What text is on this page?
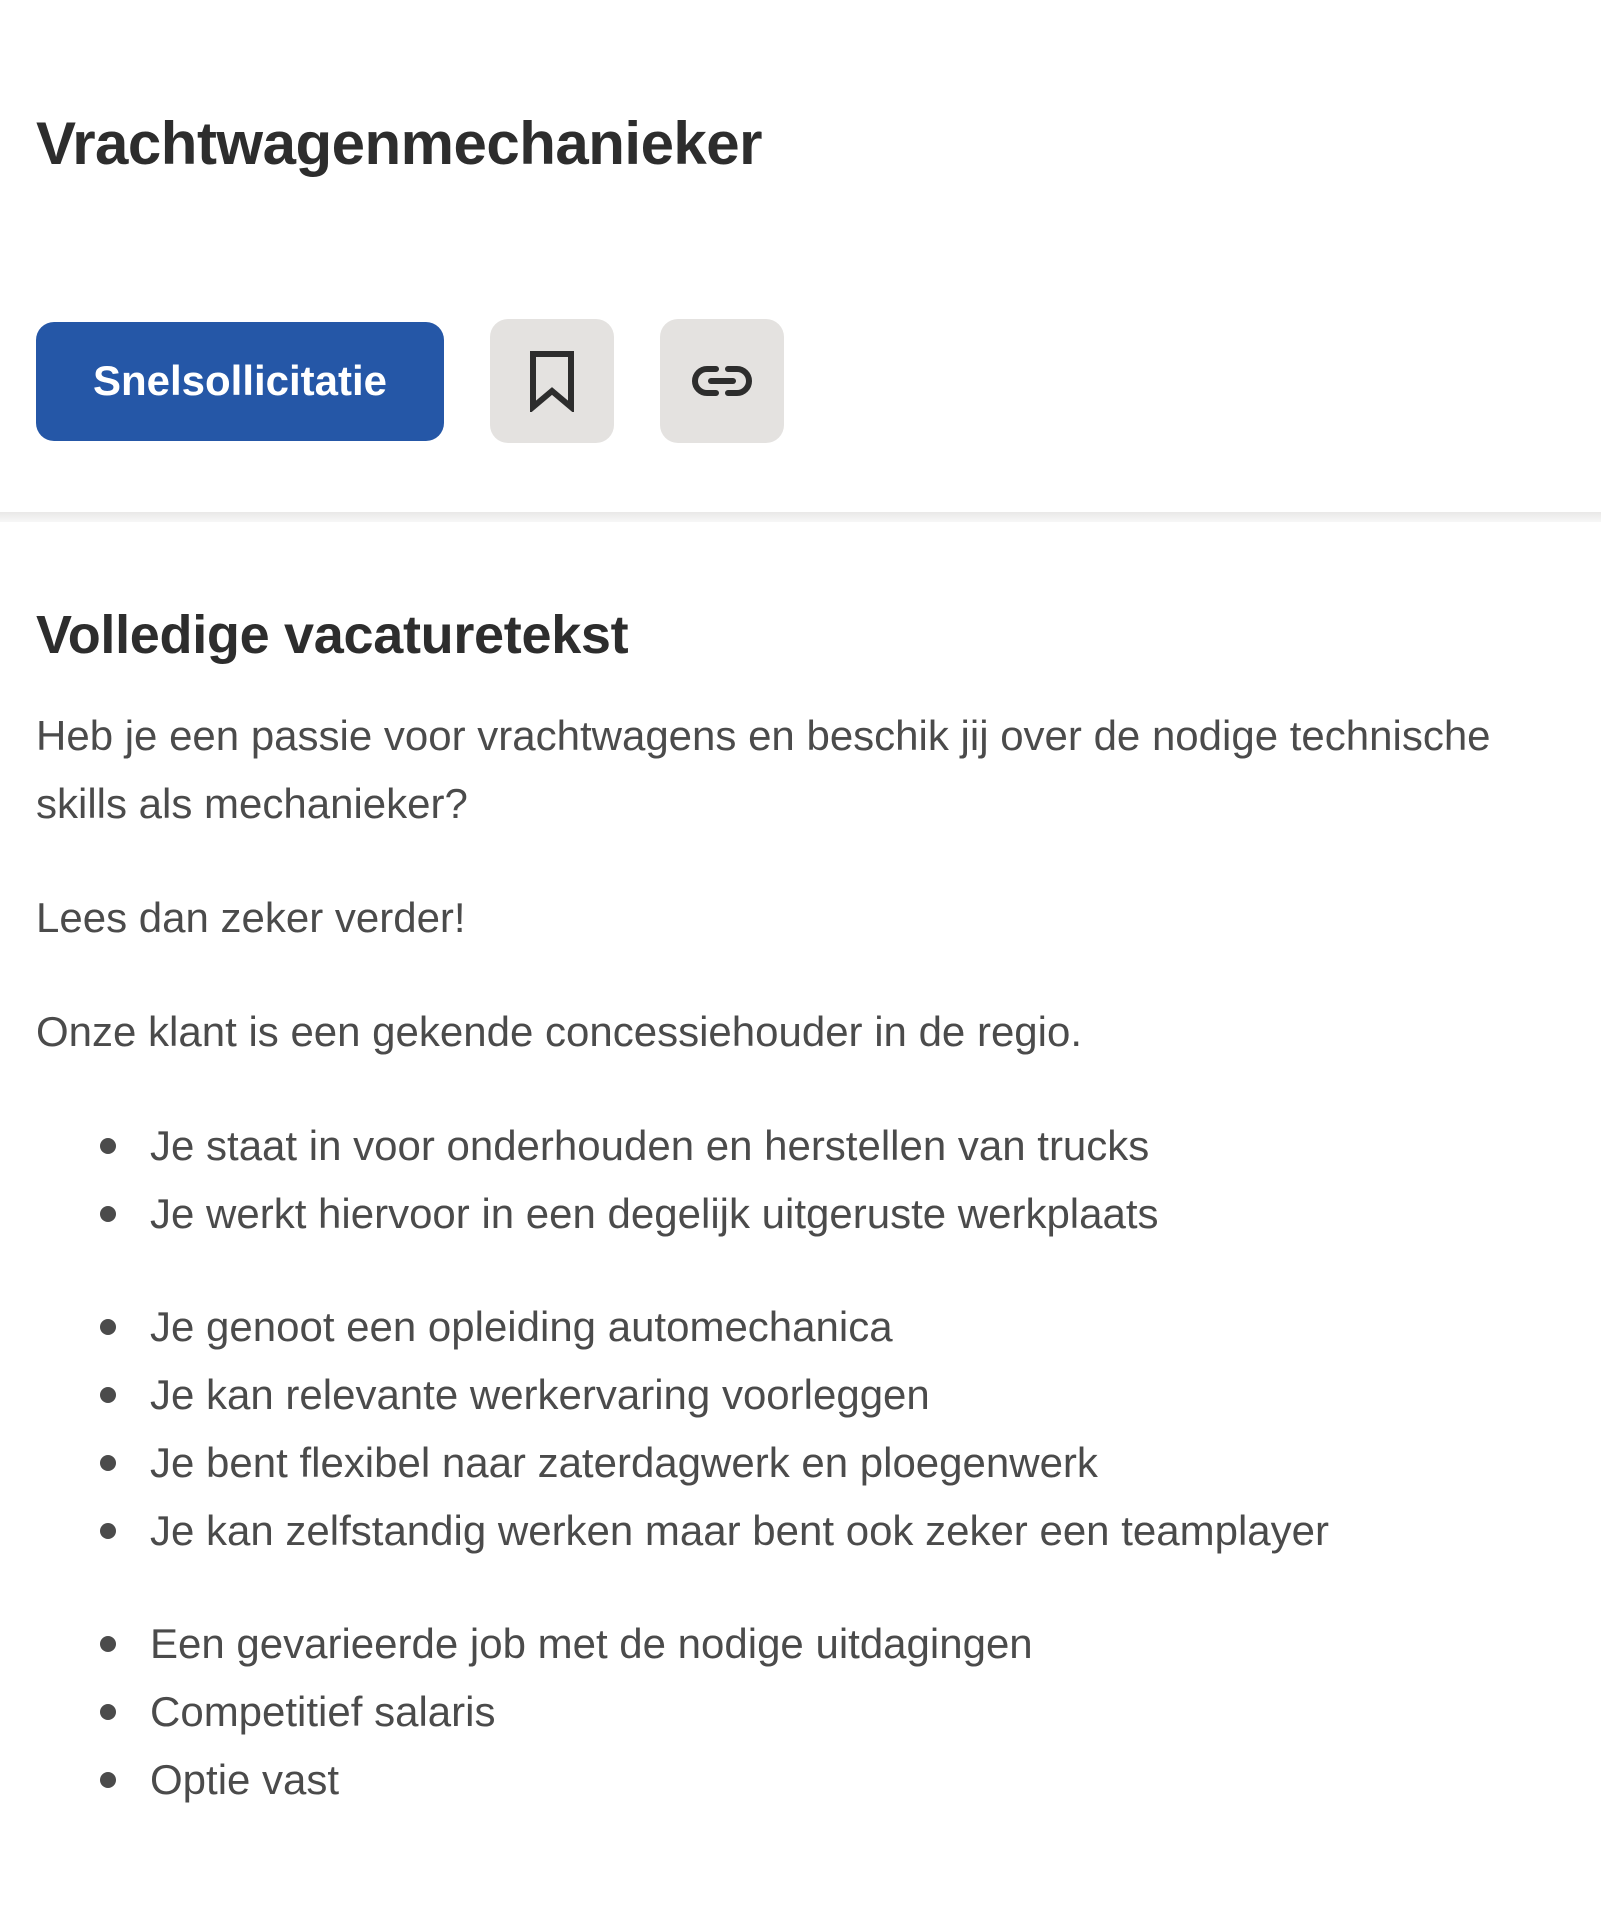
Vrachtwagenmechanieker
Snelsollicitatie
Volledige vacaturetekst

Heb je een passie voor vrachtwagens en beschik jij over de nodige technische skills als mechanieker?

Lees dan zeker verder!

Onze klant is een gekende concessiehouder in de regio.

Je staat in voor onderhouden en herstellen van trucks
Je werkt hiervoor in een degelijk uitgeruste werkplaats
Je genoot een opleiding automechanica
Je kan relevante werkervaring voorleggen
Je bent flexibel naar zaterdagwerk en ploegenwerk
Je kan zelfstandig werken maar bent ook zeker een teamplayer
Een gevarieerde job met de nodige uitdagingen
Competitief salaris
Optie vast
